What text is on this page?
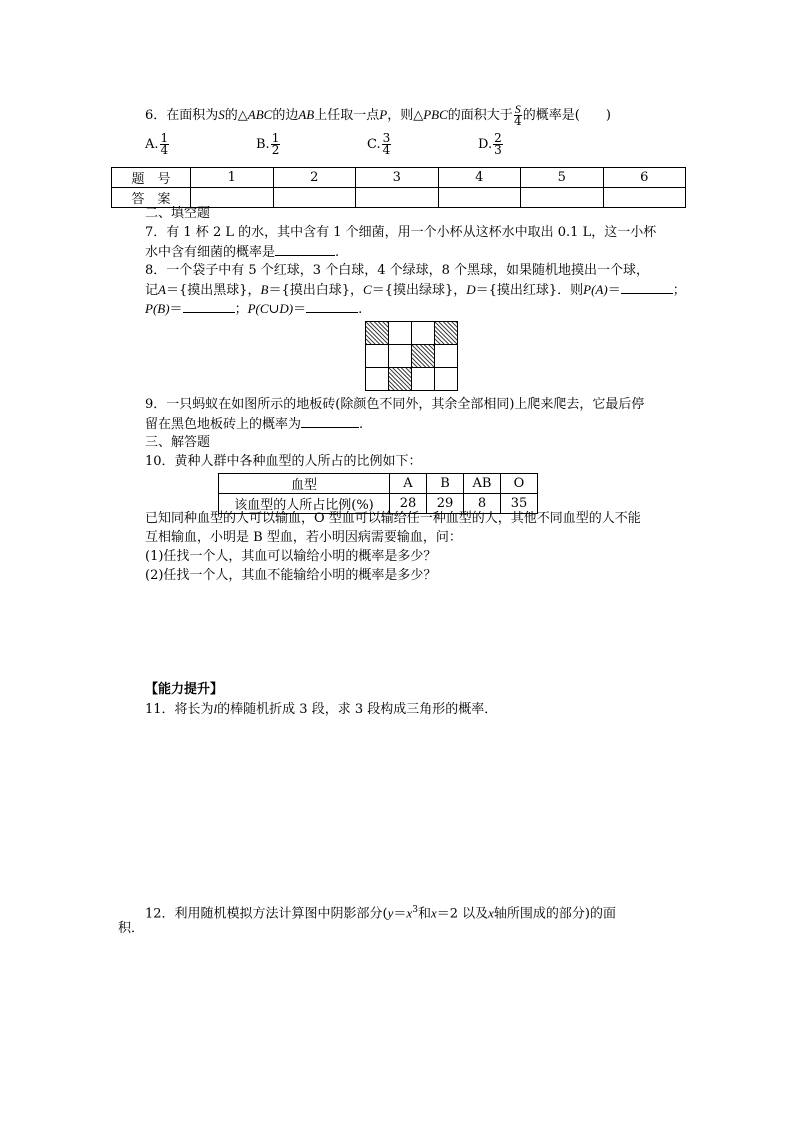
6．在面积为S的△ABC的边AB上任取一点P，则△PBC的面积大于 $\frac{S}{4}$ 的概率是(　　)
A. $\frac{1}{4}$	B. $\frac{1}{2}$	C. $\frac{3}{4}$	D. $\frac{2}{3}$
题　号	1	2	3	4	5	6
答　案						
二、填空题
7．有 1 杯 2 L 的水，其中含有 1 个细菌，用一个小杯从这杯水中取出 0.1 L，这一小杯
水中含有细菌的概率是	.
8．一个袋子中有 5 个红球，3 个白球，4 个绿球，8 个黑球，如果随机地摸出一个球，
记A＝{摸出黑球}，B＝{摸出白球}，C＝{摸出绿球}，D＝{摸出红球}．则P(A)＝	；
P(B)＝	；P(C∪D)＝	.
9．一只蚂蚁在如图所示的地板砖(除颜色不同外，其余全部相同)上爬来爬去，它最后停
留在黑色地板砖上的概率为	.
三、解答题
10．黄种人群中各种血型的人所占的比例如下：
血型	A	B	AB	O
该血型的人所占比例(%)	28	29	8	35
已知同种血型的人可以输血，O 型血可以输给任一种血型的人，其他不同血型的人不能
互相输血，小明是 B 型血，若小明因病需要输血，问：
(1)任找一个人，其血可以输给小明的概率是多少？
(2)任找一个人，其血不能输给小明的概率是多少？
【能力提升】
11．将长为l的棒随机折成 3 段，求 3 段构成三角形的概率．
12．利用随机模拟方法计算图中阴影部分($y=x^3$和x＝2 以及x轴所围成的部分)的面
积．
